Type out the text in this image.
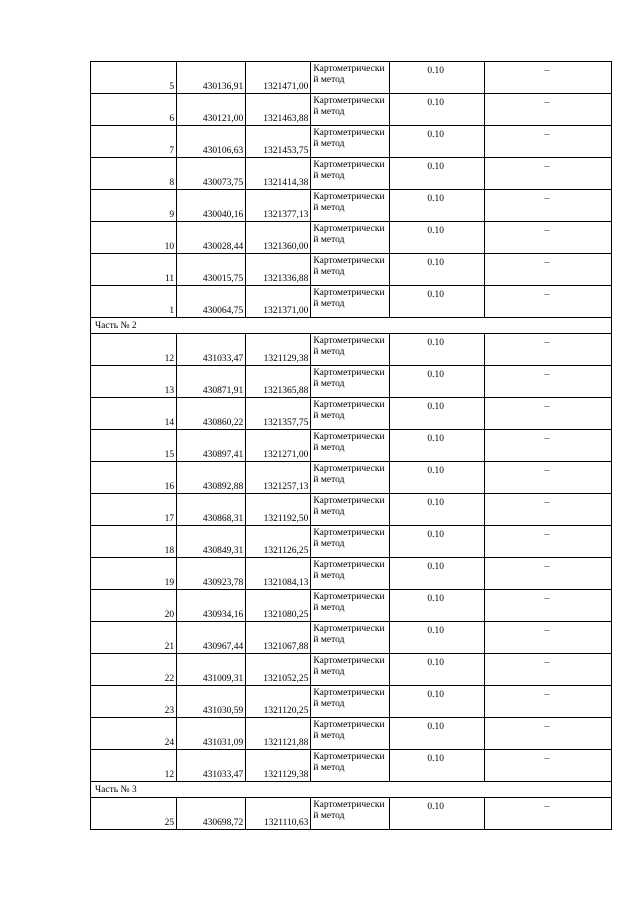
5	430136,91	1321471,00	Картометрический метод	0.10	–

6	430121,00	1321463,88	Картометрический метод	0.10	–

7	430106,63	1321453,75	Картометрический метод	0.10	–

8	430073,75	1321414,38	Картометрический метод	0.10	–

9	430040,16	1321377,13	Картометрический метод	0.10	–

10	430028,44	1321360,00	Картометрический метод	0.10	–

11	430015,75	1321336,88	Картометрический метод	0.10	–

1	430064,75	1321371,00	Картометрический метод	0.10	–

Часть № 2					

12	431033,47	1321129,38	Картометрический метод	0.10	–

13	430871,91	1321365,88	Картометрический метод	0.10	–

14	430860,22	1321357,75	Картометрический метод	0.10	–

15	430897,41	1321271,00	Картометрический метод	0.10	–

16	430892,88	1321257,13	Картометрический метод	0.10	–

17	430868,31	1321192,50	Картометрический метод	0.10	–

18	430849,31	1321126,25	Картометрический метод	0.10	–

19	430923,78	1321084,13	Картометрический метод	0.10	–

20	430934,16	1321080,25	Картометрический метод	0.10	–

21	430967,44	1321067,88	Картометрический метод	0.10	–

22	431009,31	1321052,25	Картометрический метод	0.10	–

23	431030,59	1321120,25	Картометрический метод	0.10	–

24	431031,09	1321121,88	Картометрический метод	0.10	–

12	431033,47	1321129,38	Картометрический метод	0.10	–

Часть № 3					

25	430698,72	1321110,63	Картометрический метод	0.10	–
